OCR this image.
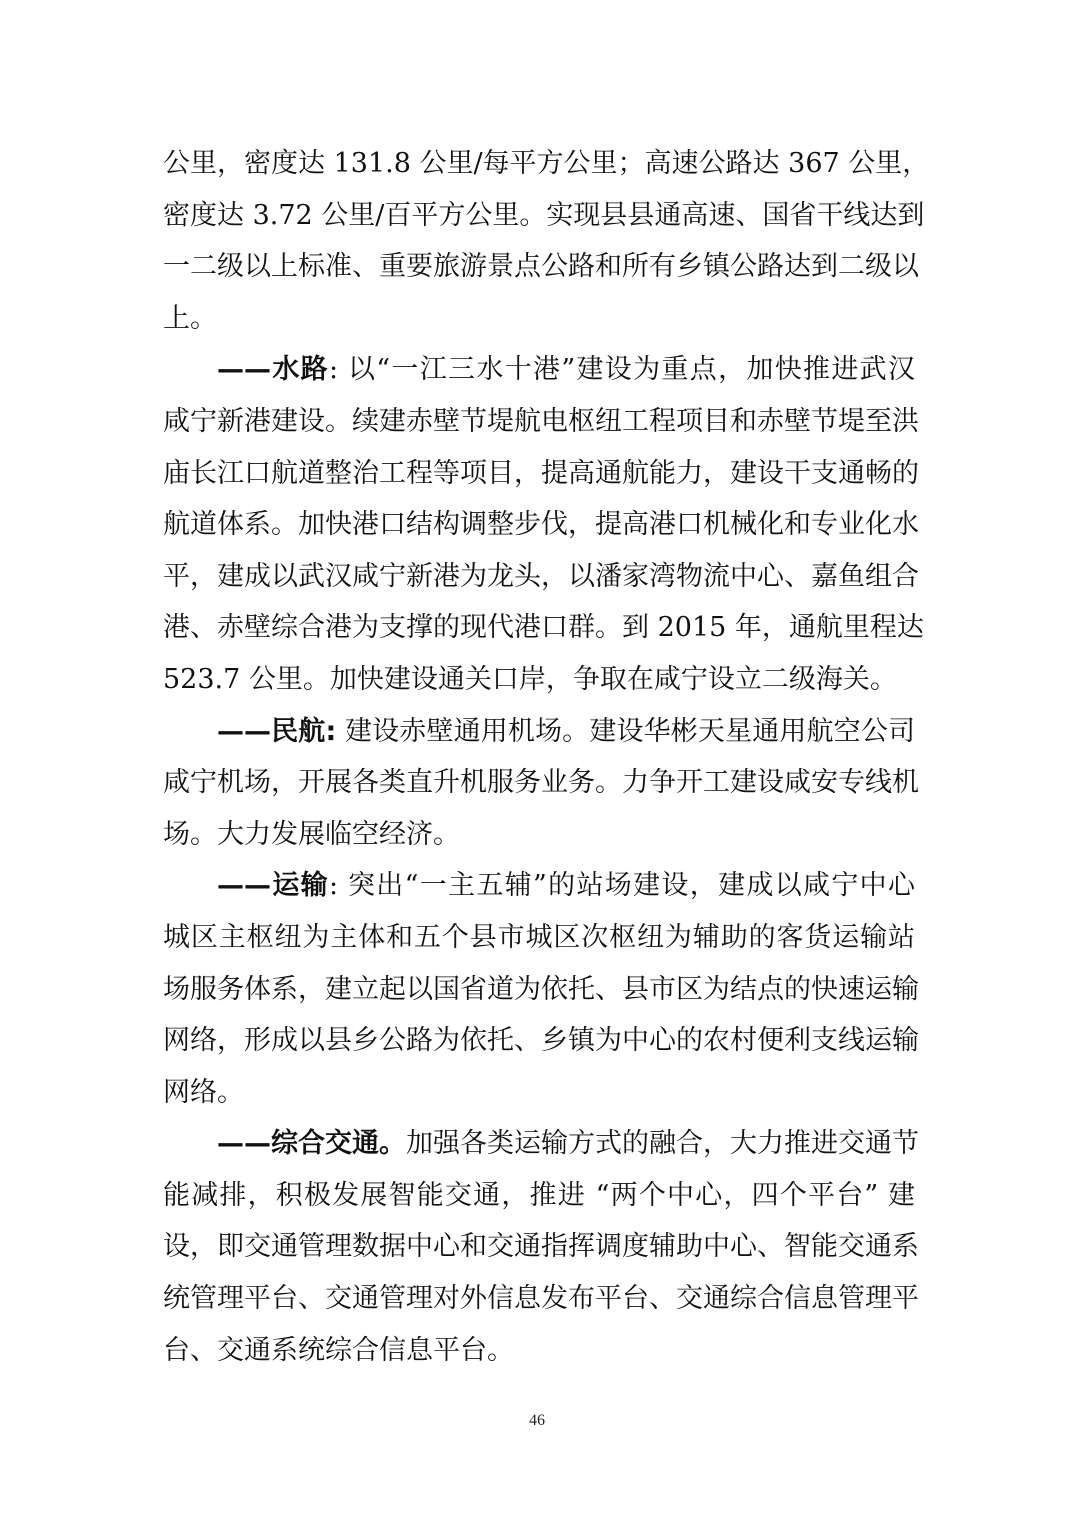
公里，密度达 131.8 公里/每平方公里；高速公路达 367 公里，
密度达 3.72 公里/百平方公里。实现县县通高速、国省干线达到
一二级以上标准、重要旅游景点公路和所有乡镇公路达到二级以
上。
——水路: 以“一江三水十港”建设为重点，加快推进武汉
咸宁新港建设。续建赤壁节堤航电枢纽工程项目和赤壁节堤至洪
庙长江口航道整治工程等项目，提高通航能力，建设干支通畅的
航道体系。加快港口结构调整步伐，提高港口机械化和专业化水
平，建成以武汉咸宁新港为龙头，以潘家湾物流中心、嘉鱼组合
港、赤壁综合港为支撑的现代港口群。到 2015 年，通航里程达
523.7 公里。加快建设通关口岸，争取在咸宁设立二级海关。
——民航: 建设赤壁通用机场。建设华彬天星通用航空公司
咸宁机场，开展各类直升机服务业务。力争开工建设咸安专线机
场。大力发展临空经济。
——运输: 突出“一主五辅”的站场建设，建成以咸宁中心
城区主枢纽为主体和五个县市城区次枢纽为辅助的客货运输站
场服务体系，建立起以国省道为依托、县市区为结点的快速运输
网络，形成以县乡公路为依托、乡镇为中心的农村便利支线运输
网络。
——综合交通。加强各类运输方式的融合，大力推进交通节
能减排，积极发展智能交通，推进 “两个中心，四个平台” 建
设，即交通管理数据中心和交通指挥调度辅助中心、智能交通系
统管理平台、交通管理对外信息发布平台、交通综合信息管理平
台、交通系统综合信息平台。
46
